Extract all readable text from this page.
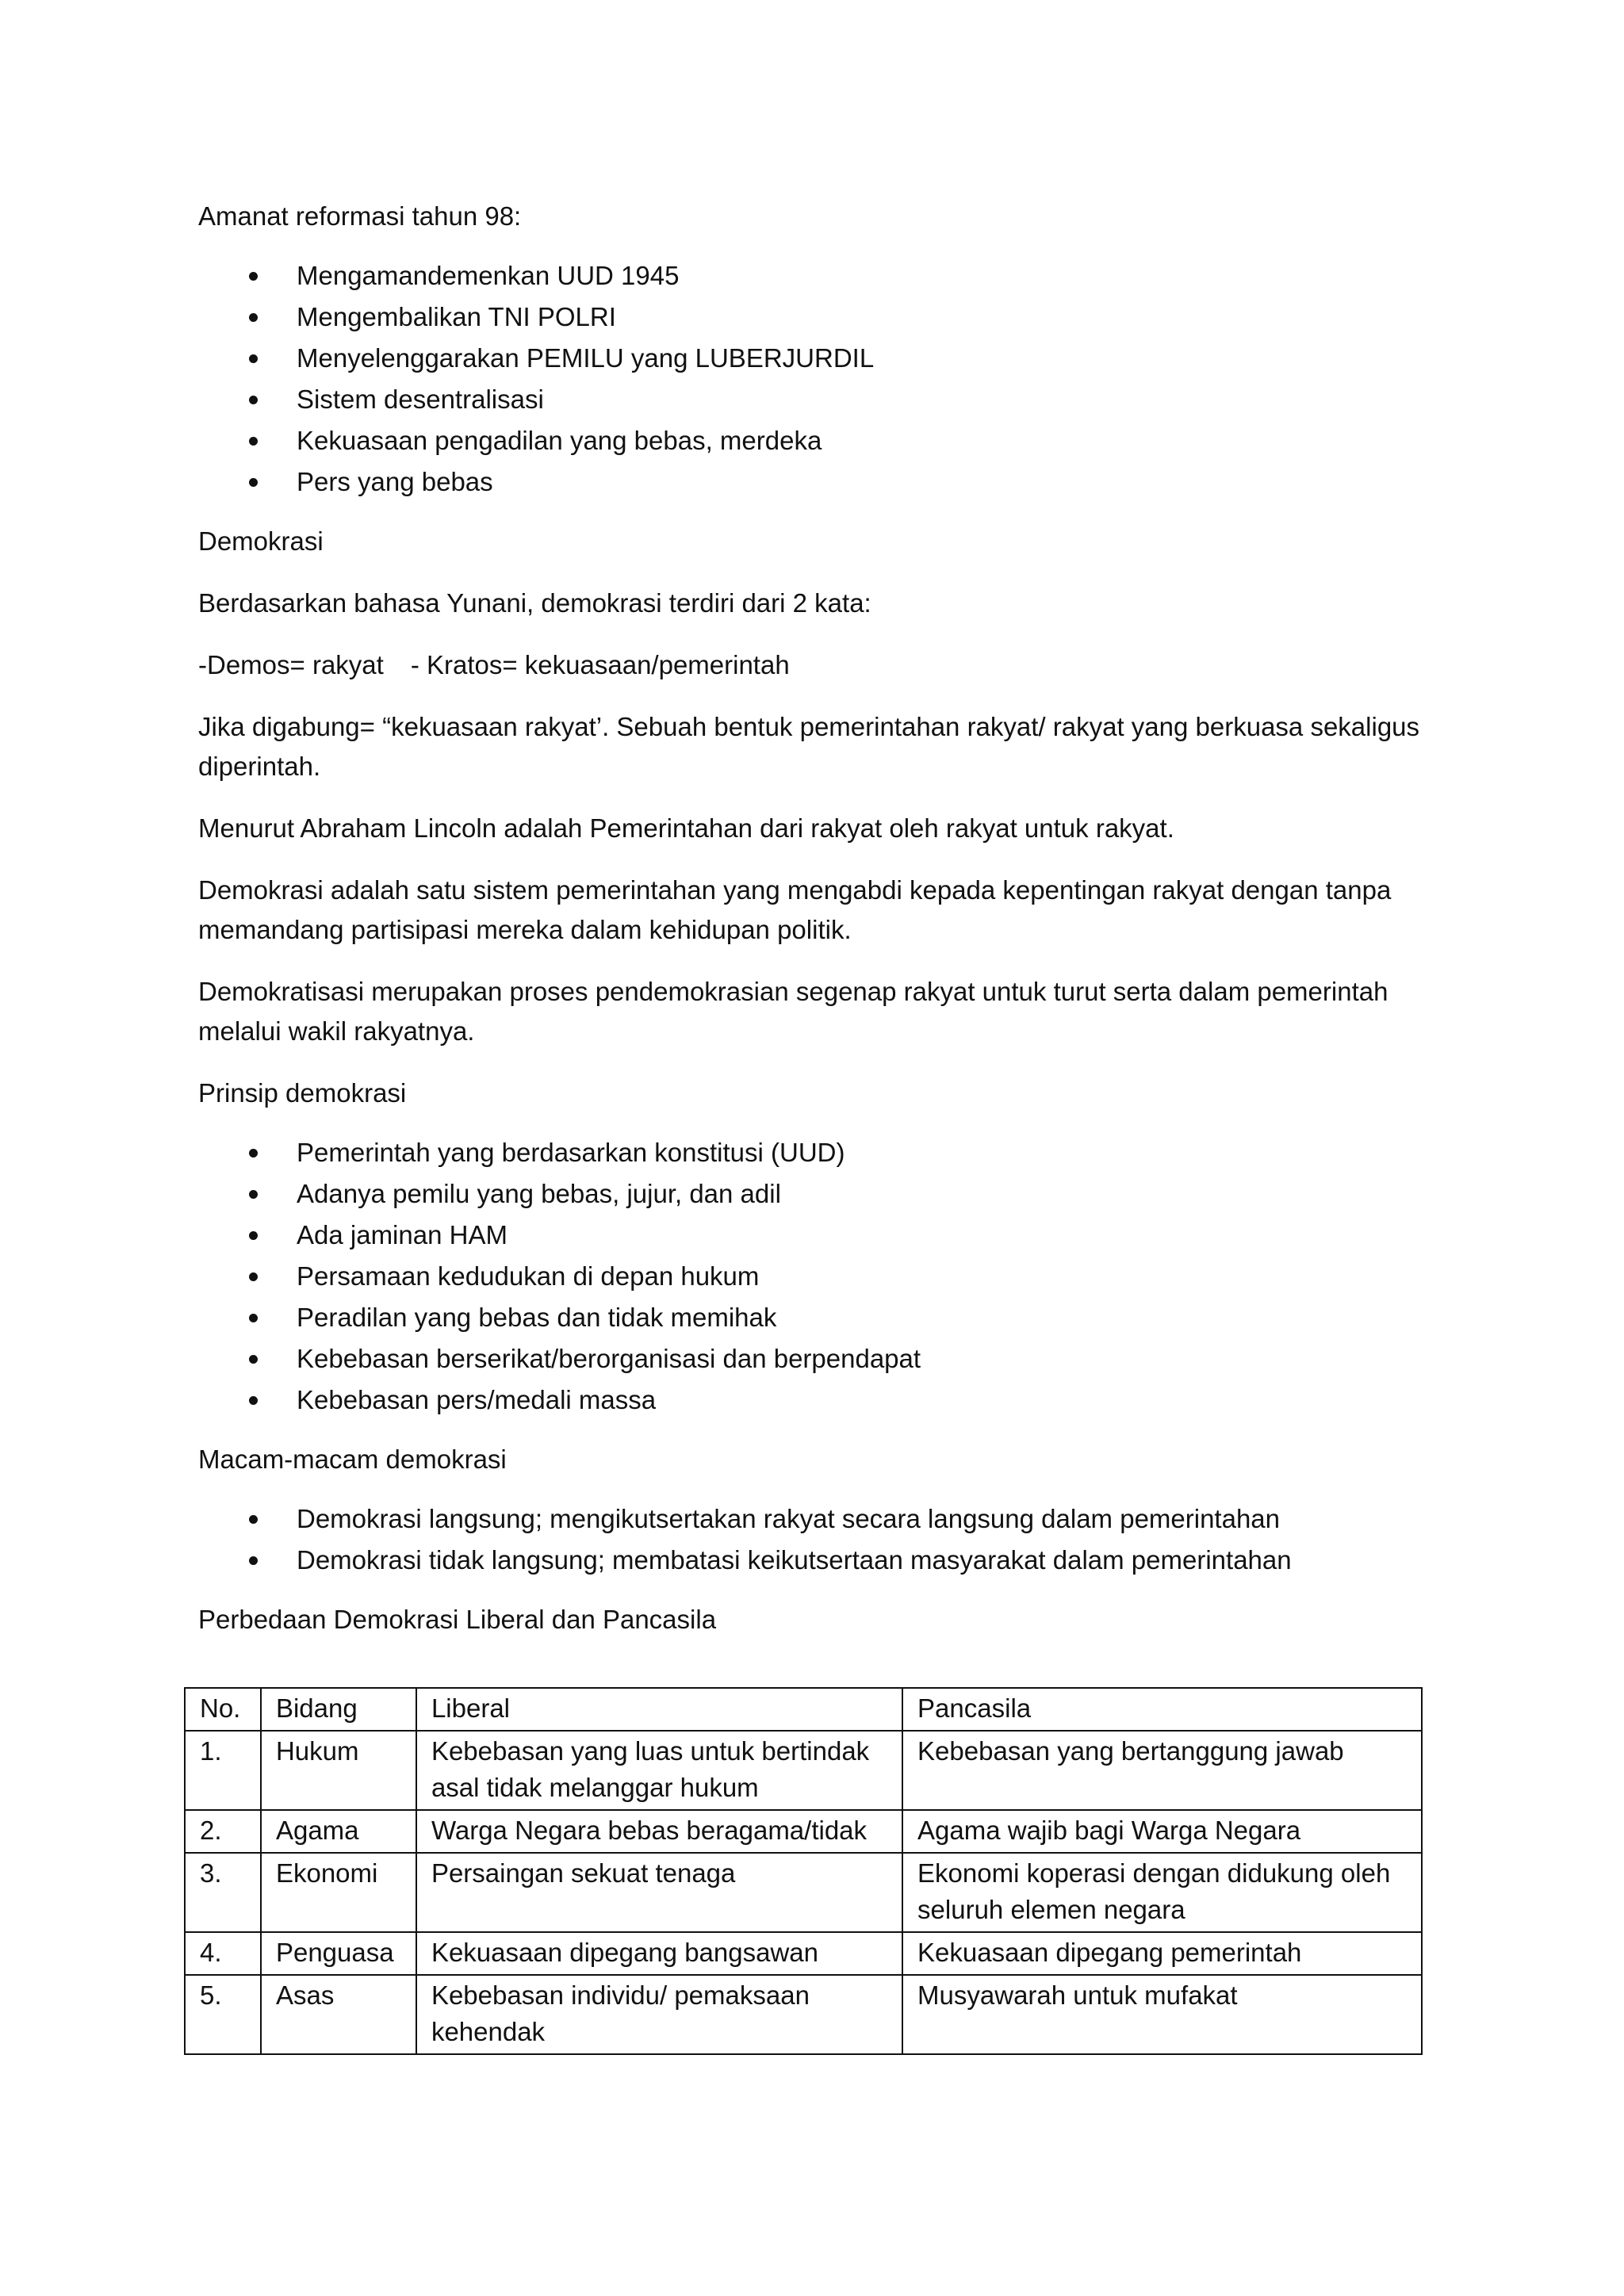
Amanat reformasi tahun 98:

Mengamandemenkan UUD 1945
Mengembalikan TNI POLRI
Menyelenggarakan PEMILU yang LUBERJURDIL
Sistem desentralisasi
Kekuasaan pengadilan yang bebas, merdeka
Pers yang bebas

Demokrasi

Berdasarkan bahasa Yunani, demokrasi terdiri dari 2 kata:

-Demos= rakyat - Kratos= kekuasaan/pemerintah

Jika digabung= “kekuasaan rakyat’. Sebuah bentuk pemerintahan rakyat/ rakyat yang berkuasa sekaligus diperintah.

Menurut Abraham Lincoln adalah Pemerintahan dari rakyat oleh rakyat untuk rakyat.

Demokrasi adalah satu sistem pemerintahan yang mengabdi kepada kepentingan rakyat dengan tanpa memandang partisipasi mereka dalam kehidupan politik.

Demokratisasi merupakan proses pendemokrasian segenap rakyat untuk turut serta dalam pemerintah melalui wakil rakyatnya.

Prinsip demokrasi

Pemerintah yang berdasarkan konstitusi (UUD)
Adanya pemilu yang bebas, jujur, dan adil
Ada jaminan HAM
Persamaan kedudukan di depan hukum
Peradilan yang bebas dan tidak memihak
Kebebasan berserikat/berorganisasi dan berpendapat
Kebebasan pers/medali massa

Macam-macam demokrasi

Demokrasi langsung; mengikutsertakan rakyat secara langsung dalam pemerintahan
Demokrasi tidak langsung; membatasi keikutsertaan masyarakat dalam pemerintahan

Perbedaan Demokrasi Liberal dan Pancasila

No.	Bidang	Liberal	Pancasila
1.	Hukum	Kebebasan yang luas untuk bertindak asal tidak melanggar hukum	Kebebasan yang bertanggung jawab
2.	Agama	Warga Negara bebas beragama/tidak	Agama wajib bagi Warga Negara
3.	Ekonomi	Persaingan sekuat tenaga	Ekonomi koperasi dengan didukung oleh seluruh elemen negara
4.	Penguasa	Kekuasaan dipegang bangsawan	Kekuasaan dipegang pemerintah
5.	Asas	Kebebasan individu/ pemaksaan kehendak	Musyawarah untuk mufakat
